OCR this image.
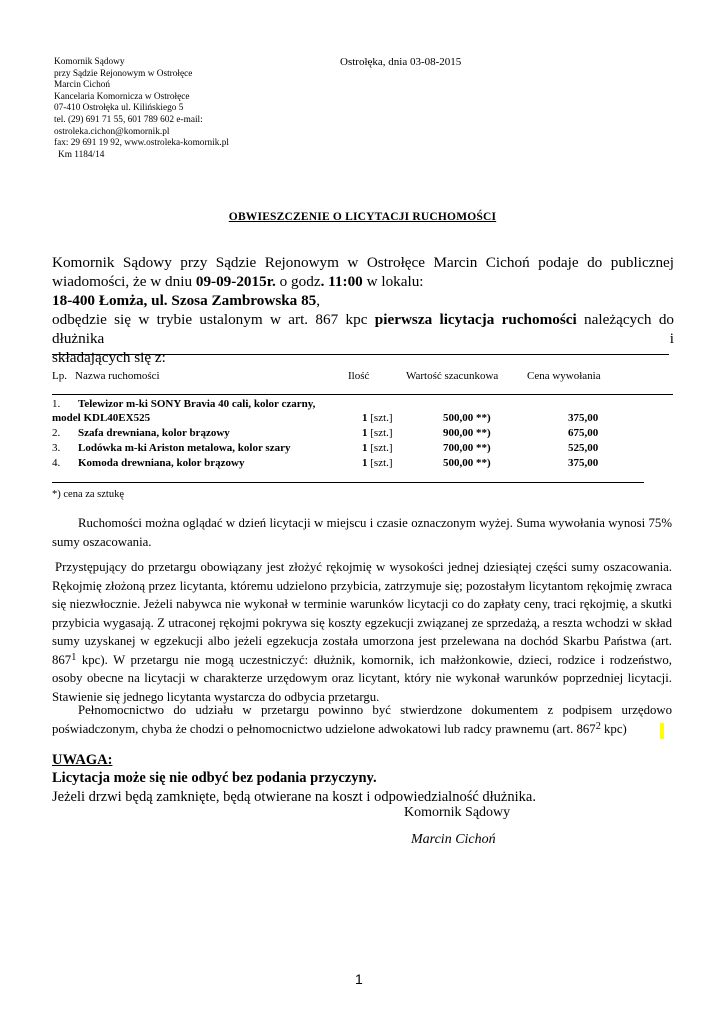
Komornik Sądowy
przy Sądzie Rejonowym w Ostrołęce
Marcin Cichoń
Kancelaria Komornicza w Ostrołęce
07-410 Ostrołęka ul. Kilińskiego 5
tel. (29) 691 71 55, 601 789 602 e-mail:
ostroleka.cichon@komornik.pl
fax: 29 691 19 92, www.ostroleka-komornik.pl
Km 1184/14
Ostrołęka, dnia 03-08-2015
OBWIESZCZENIE O LICYTACJI RUCHOMOŚCI

Komornik Sądowy przy Sądzie Rejonowym w Ostrołęce Marcin Cichoń podaje do publicznej

wiadomości, że w dniu 09-09-2015r. o godz. 11:00 w lokalu:

18-400 Łomża, ul. Szosa Zambrowska 85,

odbędzie się w trybie ustalonym w art. 867 kpc pierwsza licytacja ruchomości należących do dłużnika i

składających się z:

Lp. Nazwa ruchomości	Ilość	Wartość szacunkowa	Cena wywołania
1. Telewizor m-ki SONY Bravia 40 cali, kolor czarny,
model KDL40EX525	1 [szt.]	500,00 **)	375,00
2. Szafa drewniana, kolor brązowy	1 [szt.]	900,00 **)	675,00
3. Lodówka m-ki Ariston metalowa, kolor szary	1 [szt.]	700,00 **)	525,00
4. Komoda drewniana, kolor brązowy	1 [szt.]	500,00 **)	375,00
*) cena za sztukę

Ruchomości można oglądać w dzień licytacji w miejscu i czasie oznaczonym wyżej. Suma wywołania wynosi 75% sumy oszacowania.

Przystępujący do przetargu obowiązany jest złożyć rękojmię w wysokości jednej dziesiątej części sumy oszacowania. Rękojmię złożoną przez licytanta, któremu udzielono przybicia, zatrzymuje się; pozostałym licytantom rękojmię zwraca się niezwłocznie. Jeżeli nabywca nie wykonał w terminie warunków licytacji co do zapłaty ceny, traci rękojmię, a skutki przybicia wygasają. Z utraconej rękojmi pokrywa się koszty egzekucji związanej ze sprzedażą, a reszta wchodzi w skład sumy uzyskanej w egzekucji albo jeżeli egzekucja została umorzona jest przelewana na dochód Skarbu Państwa (art. $867^1$ kpc). W przetargu nie mogą uczestniczyć: dłużnik, komornik, ich małżonkowie, dzieci, rodzice i rodzeństwo, osoby obecne na licytacji w charakterze urzędowym oraz licytant, który nie wykonał warunków poprzedniej licytacji. Stawienie się jednego licytanta wystarcza do odbycia przetargu.

Pełnomocnictwo do udziału w przetargu powinno być stwierdzone dokumentem z podpisem urzędowo poświadczonym, chyba że chodzi o pełnomocnictwo udzielone adwokatowi lub radcy prawnemu (art. $867^2$ kpc)

UWAGA:
Licytacja może się nie odbyć bez podania przyczyny.
Jeżeli drzwi będą zamknięte, będą otwierane na koszt i odpowiedzialność dłużnika.
Komornik Sądowy
Marcin Cichoń
1
